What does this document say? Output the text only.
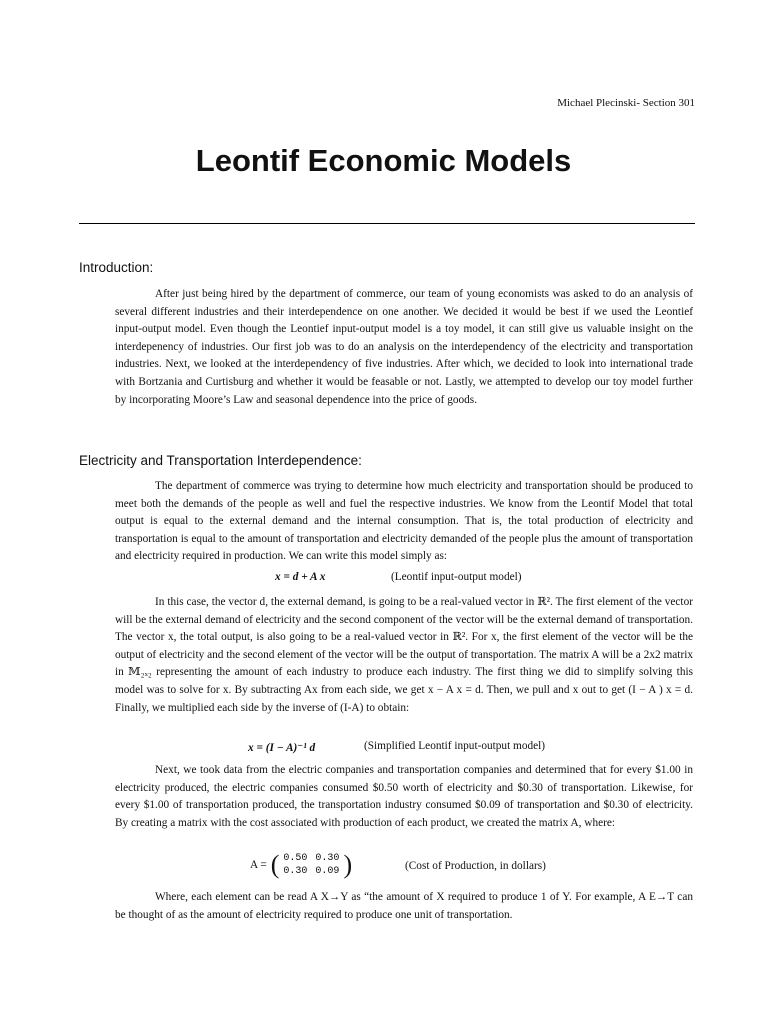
Michael Plecinski- Section 301
Leontif Economic Models
Introduction:
After just being hired by the department of commerce, our team of young economists was asked to do an analysis of several different industries and their interdependence on one another. We decided it would be best if we used the Leontief input-output model. Even though the Leontief input-output model is a toy model, it can still give us valuable insight on the interdepenency of industries. Our first job was to do an analysis on the interdependency of the electricity and transportation industries. Next, we looked at the interdependency of five industries. After which, we decided to look into international trade with Bortzania and Curtisburg and whether it would be feasable or not. Lastly, we attempted to develop our toy model further by incorporating Moore’s Law and seasonal dependence into the price of goods.
Electricity and Transportation Interdependence:
The department of commerce was trying to determine how much electricity and transportation should be produced to meet both the demands of the people as well and fuel the respective industries. We know from the Leontif Model that total output is equal to the external demand and the internal consumption. That is, the total production of electricity and transportation is equal to the amount of transportation and electricity demanded of the people plus the amount of transportation and electricity required in production. We can write this model simply as:
x = d + A x	(Leontif input-output model)
In this case, the vector d, the external demand, is going to be a real-valued vector in ℝ². The first element of the vector will be the external demand of electricity and the second component of the vector will be the external demand of transportation. The vector x, the total output, is also going to be a real-valued vector in ℝ². For x, the first element of the vector will be the output of electricity and the second element of the vector will be the output of transportation. The matrix A will be a 2x2 matrix in 𝕄₂ₓ₂ representing the amount of each industry to produce each industry. The first thing we did to simplify solving this model was to solve for x. By subtracting Ax from each side, we get x − A x = d. Then, we pull and x out to get (I − A ) x = d. Finally, we multiplied each side by the inverse of (I-A) to obtain:
x = (I − A)⁻¹ d	(Simplified Leontif input-output model)
Next, we took data from the electric companies and transportation companies and determined that for every $1.00 in electricity produced, the electric companies consumed $0.50 worth of electricity and $0.30 of transportation. Likewise, for every $1.00 of transportation produced, the transportation industry consumed $0.09 of transportation and $0.30 of electricity. By creating a matrix with the cost associated with production of each product, we created the matrix A, where:
A = ( 0.50	0.30
0.30	0.09 )	(Cost of Production, in dollars)
Where, each element can be read A X→Y as “the amount of X required to produce 1 of Y. For example, A E→T can be thought of as the amount of electricity required to produce one unit of transportation.
